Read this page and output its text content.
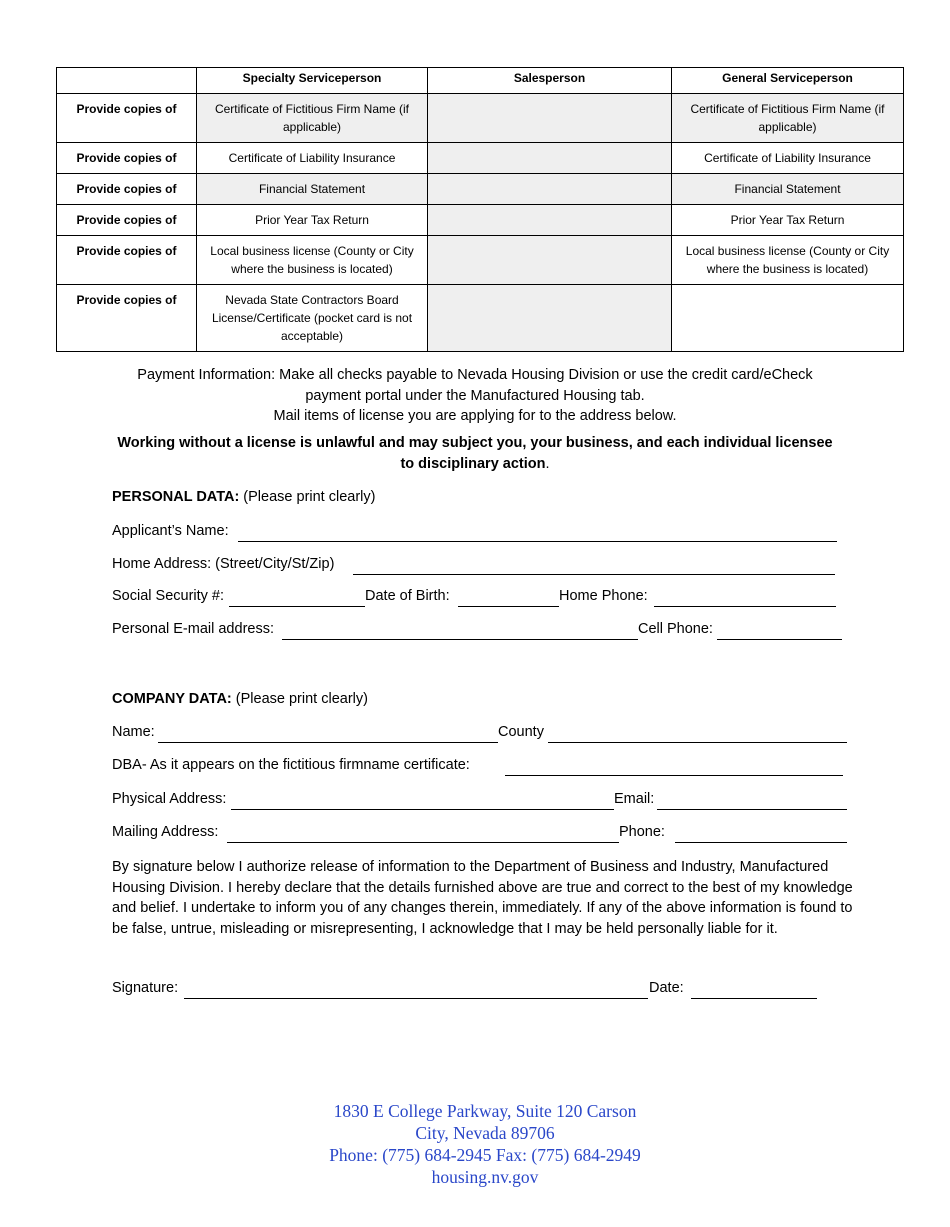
	Specialty Serviceperson	Salesperson	General Serviceperson
Provide copies of	Certificate of Fictitious Firm Name (if applicable)		Certificate of Fictitious Firm Name (if applicable)
Provide copies of	Certificate of Liability Insurance		Certificate of Liability Insurance
Provide copies of	Financial Statement		Financial Statement
Provide copies of	Prior Year Tax Return		Prior Year Tax Return
Provide copies of	Local business license (County or City where the business is located)		Local business license (County or City where the business is located)
Provide copies of	Nevada State Contractors Board License/Certificate (pocket card is not acceptable)		
Payment Information: Make all checks payable to Nevada Housing Division or use the credit card/eCheck
payment portal under the Manufactured Housing tab.
Mail items of license you are applying for to the address below.
Working without a license is unlawful and may subject you, your business, and each individual licensee
to disciplinary action.
PERSONAL DATA: (Please print clearly)
Applicant’s Name:
Home Address: (Street/City/St/Zip)
Social Security #:	Date of Birth:	Home Phone:
Personal E-mail address:	Cell Phone:
COMPANY DATA: (Please print clearly)
Name:	County
DBA- As it appears on the fictitious firmname certificate:
Physical Address:	Email:
Mailing Address:	Phone:
By signature below I authorize release of information to the Department of Business and Industry, Manufactured Housing Division. I hereby declare that the details furnished above are true and correct to the best of my knowledge and belief. I undertake to inform you of any changes therein, immediately. If any of the above information is found to be false, untrue, misleading or misrepresenting, I acknowledge that I may be held personally liable for it.
Signature:	Date:
1830 E College Parkway, Suite 120 Carson
City, Nevada 89706
Phone: (775) 684-2945 Fax: (775) 684-2949
housing.nv.gov
